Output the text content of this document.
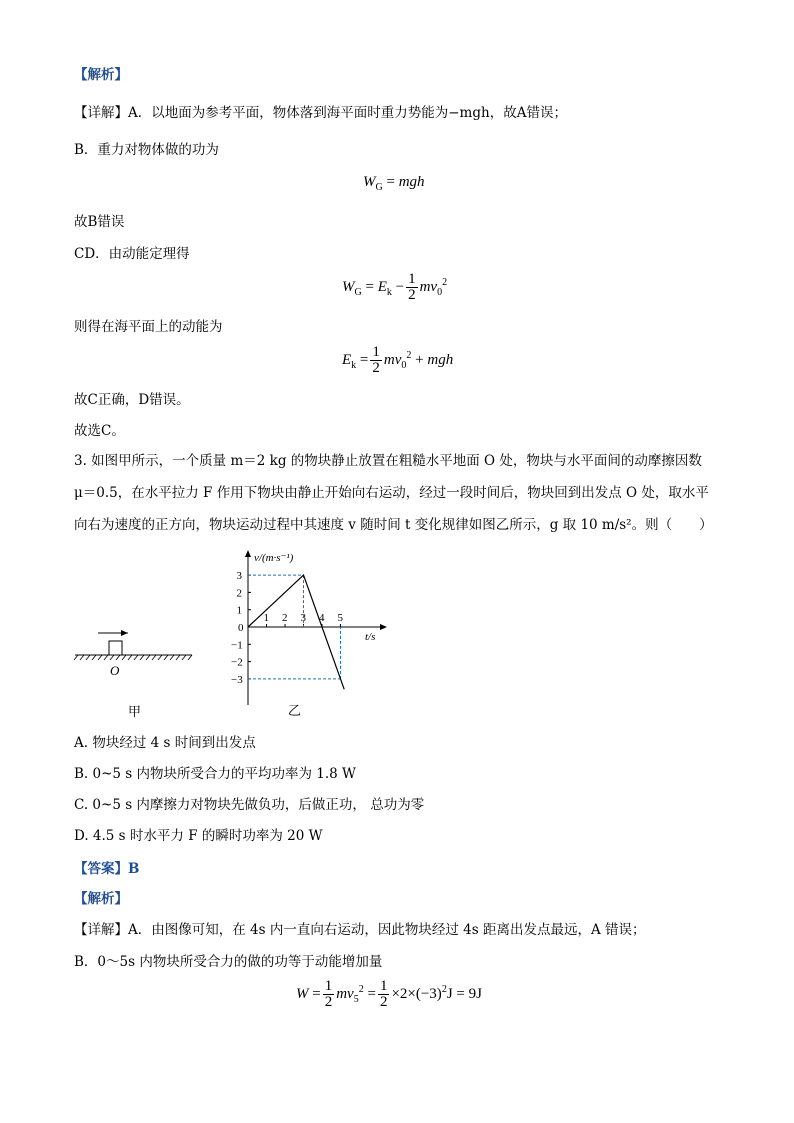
【解析】
【详解】A．以地面为参考平面，物体落到海平面时重力势能为−mgh，故A错误；
B．重力对物体做的功为
$W_G$ = mgh
故B错误
CD．由动能定理得
$W_G = E_k - \frac{1}{2} mv_0^2$
则得在海平面上的动能为
$E_k = \frac{1}{2} mv_0^2$ + mgh
故C正确，D错误。
故选C。
3. 如图甲所示，一个质量 m＝2 kg 的物块静止放置在粗糙水平地面 O 处，物块与水平面间的动摩擦因数
μ＝0.5，在水平拉力 F 作用下物块由静止开始向右运动，经过一段时间后，物块回到出发点 O 处，取水平
向右为速度的正方向，物块运动过程中其速度 v 随时间 t 变化规律如图乙所示，g 取 10 m/s²。则（　　）
O
甲
v/(m·s⁻¹)
t/s
0
1 2 3 4 5
3
2
1
−1
−2
−3
乙
A. 物块经过 4 s 时间到出发点
B. 0~5 s 内物块所受合力的平均功率为 1.8 W
C. 0~5 s 内摩擦力对物块先做负功，后做正功， 总功为零
D. 4.5 s 时水平力 F 的瞬时功率为 20 W
【答案】B
【解析】
【详解】A．由图像可知，在 4s 内一直向右运动，因此物块经过 4s 距离出发点最远，A 错误；
B．0～5s 内物块所受合力的做的功等于动能增加量
$W = \frac{1}{2} mv_5^2 = \frac{1}{2} \times 2\times(-3)^2J = 9J$
